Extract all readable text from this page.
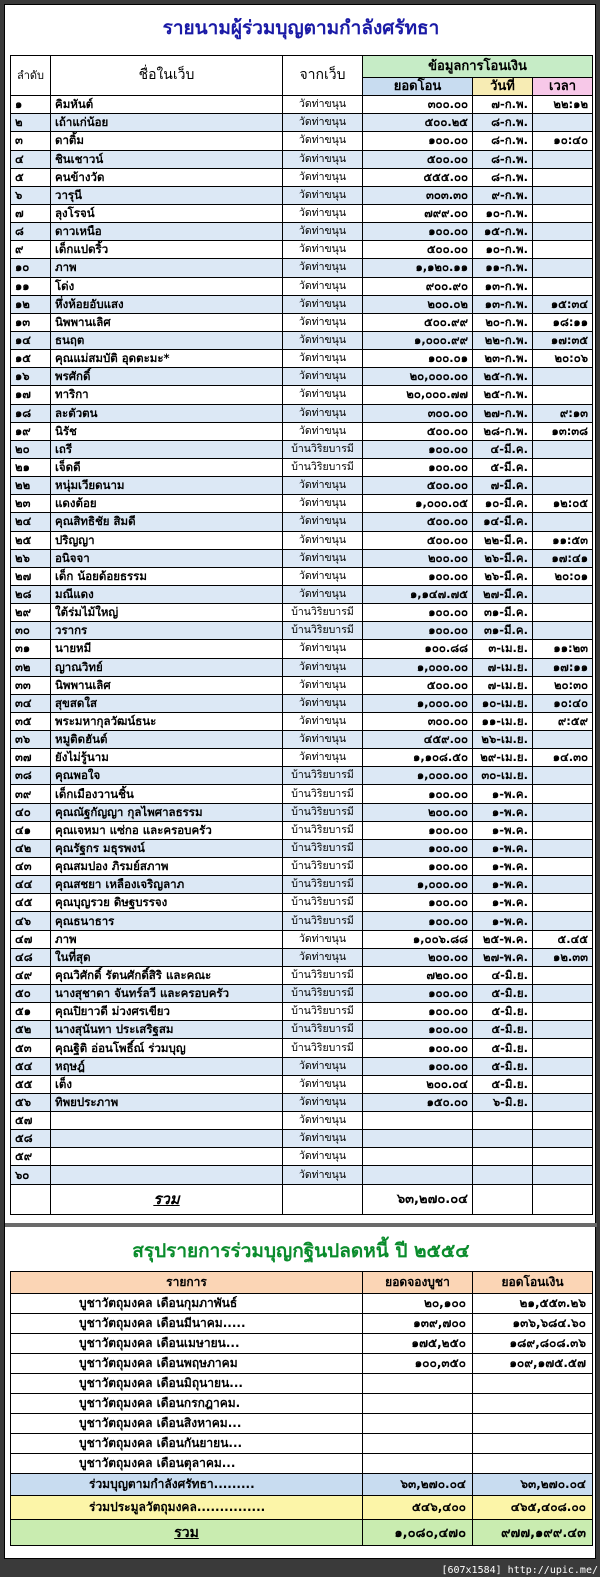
รายนามผู้ร่วมบุญตามกำลังศรัทธา
ลำดับ	ชื่อในเว็บ	จากเว็บ	ข้อมูลการโอนเงิน		
			ยอดโอน	วันที่	เวลา
๑	คิมหันต์	วัดท่าขนุน	๓๐๐.๐๐	๗-ก.พ.	๒๒:๑๒
๒	เถ้าแก่น้อย	วัดท่าขนุน	๕๐๐.๒๕	๘-ก.พ.	
๓	ดาติ้ม	วัดท่าขนุน	๑๐๐.๐๐	๘-ก.พ.	๑๐:๔๐
๔	ชินเชาวน์	วัดท่าขนุน	๕๐๐.๐๐	๘-ก.พ.	
๕	คนข้างวัด	วัดท่าขนุน	๕๕๕.๐๐	๘-ก.พ.	
๖	วารุนี	วัดท่าขนุน	๓๐๓.๓๐	๙-ก.พ.	
๗	ลุงโรจน์	วัดท่าขนุน	๗๙๙.๐๐	๑๐-ก.พ.	
๘	ดาวเหนือ	วัดท่าขนุน	๑๐๐.๐๐	๑๕-ก.พ.	
๙	เด็กแปดริ้ว	วัดท่าขนุน	๕๐๐.๐๐	๑๐-ก.พ.	
๑๐	ภาพ	วัดท่าขนุน	๑,๑๒๐.๑๑	๑๑-ก.พ.	
๑๑	โด่ง	วัดท่าขนุน	๙๐๐.๙๐	๑๓-ก.พ.	
๑๒	หึ่งห้อยอับแสง	วัดท่าขนุน	๒๐๐.๐๒	๑๓-ก.พ.	๑๕:๓๔
๑๓	นิพพานเลิศ	วัดท่าขนุน	๕๐๐.๙๙	๒๐-ก.พ.	๑๘:๑๑
๑๔	ธนฤต	วัดท่าขนุน	๑,๐๐๐.๙๙	๒๒-ก.พ.	๑๗:๓๕
๑๕	คุณแม่สมบัติ อุดตะมะ*	วัดท่าขนุน	๑๐๐.๐๑	๒๓-ก.พ.	๒๐:๐๖
๑๖	พรศักดิ์	วัดท่าขนุน	๒๐,๐๐๐.๐๐	๒๕-ก.พ.	
๑๗	ทาริกา	วัดท่าขนุน	๒๐,๐๐๐.๗๗	๒๕-ก.พ.	
๑๘	ละตัวตน	วัดท่าขนุน	๓๐๐.๐๐	๒๗-ก.พ.	๙:๑๓
๑๙	นิรัช	วัดท่าขนุน	๕๐๐.๐๐	๒๘-ก.พ.	๑๓:๓๘
๒๐	เถรี	บ้านวิริยบารมี	๑๐๐.๐๐	๔-มี.ค.	
๒๑	เจ็ดดี	บ้านวิริยบารมี	๑๐๐.๐๐	๕-มี.ค.	
๒๒	หนุ่มเวียดนาม	วัดท่าขนุน	๕๐๐.๐๐	๗-มี.ค.	
๒๓	แดงต้อย	วัดท่าขนุน	๑,๐๐๐.๐๕	๑๐-มี.ค.	๑๒:๐๕
๒๔	คุณสิทธิชัย สิมดี	วัดท่าขนุน	๕๐๐.๐๐	๑๔-มี.ค.	
๒๕	ปริญญา	วัดท่าขนุน	๕๐๐.๐๐	๒๒-มี.ค.	๑๑:๕๓
๒๖	อนิจจา	วัดท่าขนุน	๒๐๐.๐๐	๒๖-มี.ค.	๑๗:๔๑
๒๗	เด็ก น้อยด้อยธรรม	วัดท่าขนุน	๑๐๐.๐๐	๒๖-มี.ค.	๒๐:๐๑
๒๘	มณีแดง	วัดท่าขนุน	๑,๑๔๗.๗๕	๒๗-มี.ค.	
๒๙	ใต้ร่มไม้ใหญ่	บ้านวิริยบารมี	๑๐๐.๐๐	๓๑-มี.ค.	
๓๐	วรากร	บ้านวิริยบารมี	๑๐๐.๐๐	๓๑-มี.ค.	
๓๑	นายหมี	วัดท่าขนุน	๑๐๐.๘๘	๓-เม.ย.	๑๑:๒๓
๓๒	ญาณวิทย์	วัดท่าขนุน	๑,๐๐๐.๐๐	๗-เม.ย.	๑๗:๑๑
๓๓	นิพพานเลิศ	วัดท่าขนุน	๕๐๐.๐๐	๗-เม.ย.	๒๐:๓๐
๓๔	สุขสดใส	วัดท่าขนุน	๑,๐๐๐.๐๐	๑๐-เม.ย.	๑๐:๔๐
๓๕	พระมหากุลวัฒน์ธนะ	วัดท่าขนุน	๓๐๐.๐๐	๑๑-เม.ย.	๙:๕๙
๓๖	หมูติดฮันต์	วัดท่าขนุน	๔๕๙.๐๐	๒๖-เม.ย.	
๓๗	ยังไม่รู้นาม	วัดท่าขนุน	๑,๑๐๘.๕๐	๒๙-เม.ย.	๑๔.๓๐
๓๘	คุณพอใจ	บ้านวิริยบารมี	๑,๐๐๐.๐๐	๓๐-เม.ย.	
๓๙	เด็กเมืองวานชิ้น	บ้านวิริยบารมี	๑๐๐.๐๐	๑-พ.ค.	
๔๐	คุณณัฐกัญญา กุลไพศาลธรรม	บ้านวิริยบารมี	๒๐๐.๐๐	๑-พ.ค.	
๔๑	คุณเจหมา แซ่กอ และครอบครัว	บ้านวิริยบารมี	๑๐๐.๐๐	๑-พ.ค.	
๔๒	คุณรัฐกร มธุรพงน์	บ้านวิริยบารมี	๑๐๐.๐๐	๑-พ.ค.	
๔๓	คุณสมปอง ภิรมย์สภาพ	บ้านวิริยบารมี	๑๐๐.๐๐	๑-พ.ค.	
๔๔	คุณสชยา เหลืองเจริญลาภ	บ้านวิริยบารมี	๑,๐๐๐.๐๐	๑-พ.ค.	
๔๕	คุณบุญรวย ดิษฐบรรจง	บ้านวิริยบารมี	๑๐๐.๐๐	๑-พ.ค.	
๔๖	คุณธนาธาร	บ้านวิริยบารมี	๑๐๐.๐๐	๑-พ.ค.	
๔๗	ภาพ	วัดท่าขนุน	๑,๐๐๖.๘๘	๒๕-พ.ค.	๕.๔๕
๔๘	ในที่สุด	วัดท่าขนุน	๒๐๐.๐๐	๒๗-พ.ค.	๑๒.๓๓
๔๙	คุณวิศักดิ์ รัตนศักดิ์สิริ และคณะ	บ้านวิริยบารมี	๗๒๐.๐๐	๔-มิ.ย.	
๕๐	นางสุชาดา จันทร์ลวี และครอบครัว	บ้านวิริยบารมี	๑๐๐.๐๐	๕-มิ.ย.	
๕๑	คุณปิยาวดี ม่วงศรเขียว	บ้านวิริยบารมี	๑๐๐.๐๐	๕-มิ.ย.	
๕๒	นางสุนันทา ประเสริฐสม	บ้านวิริยบารมี	๑๐๐.๐๐	๕-มิ.ย.	
๕๓	คุณฐิติ อ่อนโพธิ์ณ์ ร่วมบุญ	บ้านวิริยบารมี	๑๐๐.๐๐	๕-มิ.ย.	
๕๔	หฤษฎ์	วัดท่าขนุน	๑๐๐.๐๐	๕-มิ.ย.	
๕๕	เต็ง	วัดท่าขนุน	๒๐๐.๐๔	๕-มิ.ย.	
๕๖	ทิพยประภาพ	วัดท่าขนุน	๑๕๐.๐๐	๖-มิ.ย.	
๕๗		วัดท่าขนุน			
๕๘		วัดท่าขนุน			
๕๙		วัดท่าขนุน			
๖๐		วัดท่าขนุน			
	รวม		๖๓,๒๗๐.๐๔		
สรุปรายการร่วมบุญกฐินปลดหนี้ ปี ๒๕๕๔
รายการ	ยอดจองบูชา	ยอดโอนเงิน
บูชาวัตถุมงคล เดือนกุมภาพันธ์	๒๐,๑๐๐	๒๑,๕๕๓.๒๖
บูชาวัตถุมงคล เดือนมีนาคม.....	๑๓๙,๗๐๐	๑๓๖,๖๘๔.๖๐
บูชาวัตถุมงคล เดือนเมษายน...	๑๗๕,๒๕๐	๑๘๙,๘๐๘.๓๖
บูชาวัตถุมงคล เดือนพฤษภาคม	๑๐๐,๓๕๐	๑๐๙,๑๗๕.๕๗
บูชาวัตถุมงคล เดือนมิถุนายน...		
บูชาวัตถุมงคล เดือนกรกฎาคม.		
บูชาวัตถุมงคล เดือนสิงหาคม...		
บูชาวัตถุมงคล เดือนกันยายน...		
บูชาวัตถุมงคล เดือนตุลาคม...		
ร่วมบุญตามกำลังศรัทธา.........	๖๓,๒๗๐.๐๔	๖๓,๒๗๐.๐๔
ร่วมประมูลวัตถุมงคล...............	๕๔๖,๔๐๐	๔๖๕,๔๐๘.๐๐
รวม	๑,๐๘๐,๔๗๐	๙๗๗,๑๙๙.๔๓
[607x1584] http://upic.me/
